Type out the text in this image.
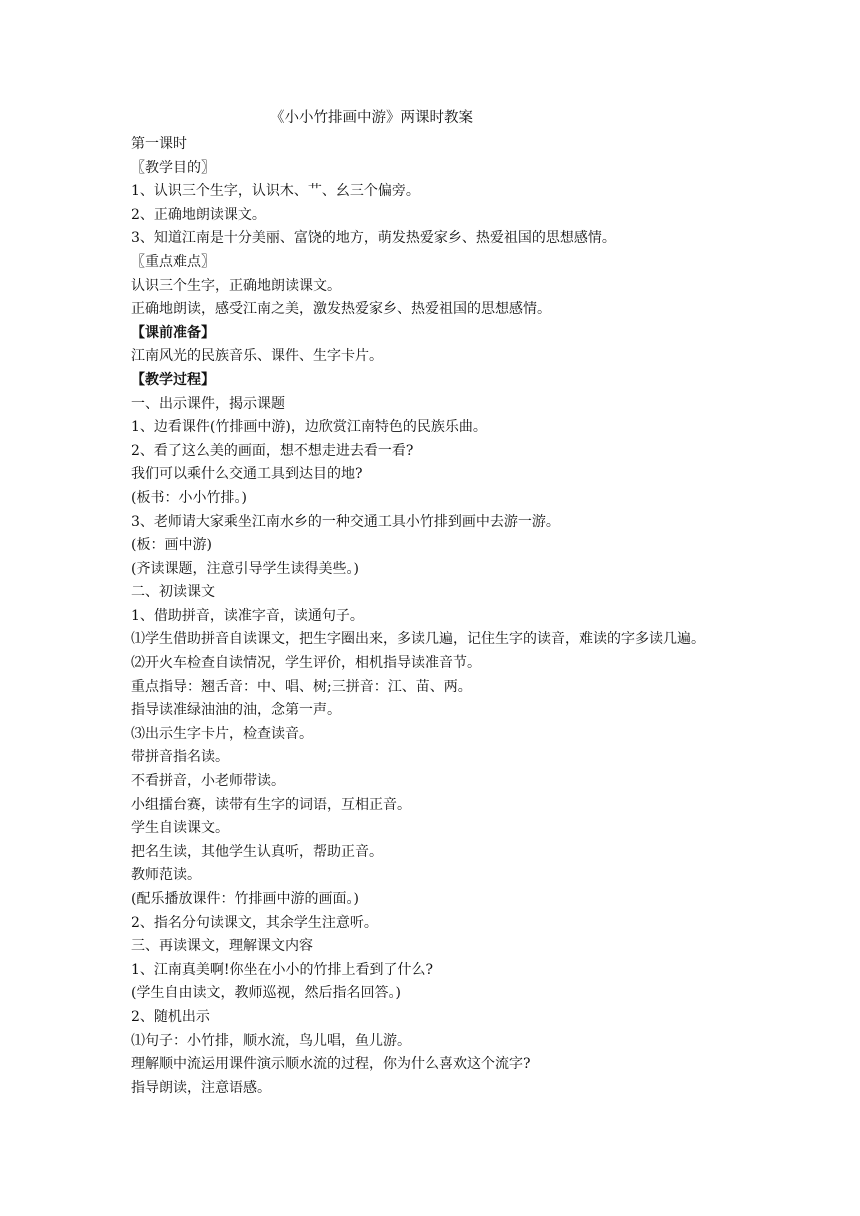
《小小竹排画中游》两课时教案
第一课时
〖教学目的〗
1、认识三个生字，认识木、艹、幺三个偏旁。
2、正确地朗读课文。
3、知道江南是十分美丽、富饶的地方，萌发热爱家乡、热爱祖国的思想感情。
〖重点难点〗
认识三个生字，正确地朗读课文。
正确地朗读，感受江南之美，激发热爱家乡、热爱祖国的思想感情。
【课前准备】
江南风光的民族音乐、课件、生字卡片。
【教学过程】
一、出示课件，揭示课题
1、边看课件(竹排画中游)，边欣赏江南特色的民族乐曲。
2、看了这么美的画面，想不想走进去看一看?
我们可以乘什么交通工具到达目的地?
(板书：小小竹排。)
3、老师请大家乘坐江南水乡的一种交通工具小竹排到画中去游一游。
(板：画中游)
(齐读课题，注意引导学生读得美些。)
二、初读课文
1、借助拼音，读准字音，读通句子。
⑴学生借助拼音自读课文，把生字圈出来，多读几遍，记住生字的读音，难读的字多读几遍。
⑵开火车检查自读情况，学生评价，相机指导读准音节。
重点指导：翘舌音：中、唱、树;三拼音：江、苗、两。
指导读准绿油油的油，念第一声。
⑶出示生字卡片，检查读音。
带拼音指名读。
不看拼音，小老师带读。
小组擂台赛，读带有生字的词语，互相正音。
学生自读课文。
把名生读，其他学生认真听，帮助正音。
教师范读。
(配乐播放课件：竹排画中游的画面。)
2、指名分句读课文，其余学生注意听。
三、再读课文，理解课文内容
1、江南真美啊!你坐在小小的竹排上看到了什么?
(学生自由读文，教师巡视，然后指名回答。)
2、随机出示
⑴句子：小竹排，顺水流，鸟儿唱，鱼儿游。
理解顺中流运用课件演示顺水流的过程，你为什么喜欢这个流字?
指导朗读，注意语感。
